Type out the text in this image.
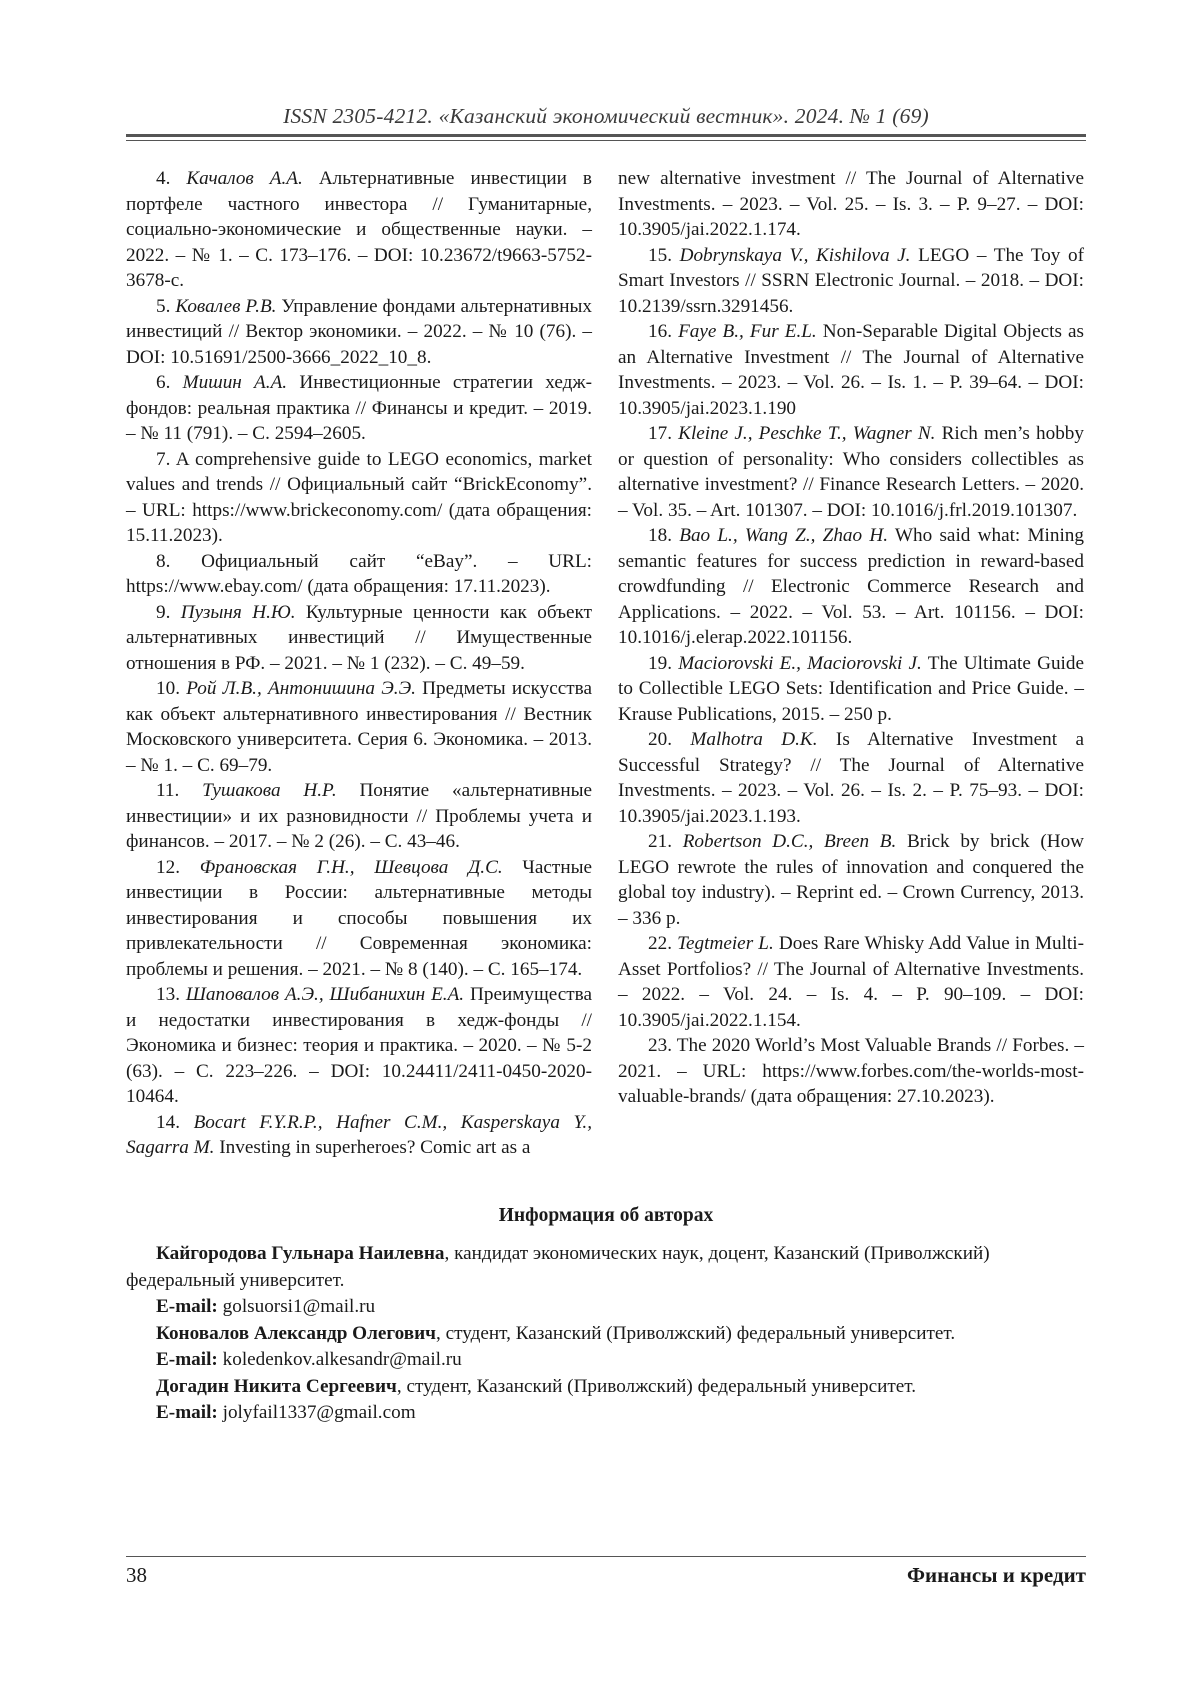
ISSN 2305-4212. «Казанский экономический вестник». 2024. № 1 (69)

4. Качалов А.А. Альтернативные инвестиции в портфеле частного инвестора // Гуманитарные, социально-экономические и общественные науки. – 2022. – № 1. – С. 173–176. – DOI: 10.23672/t9663-5752-3678-c.

5. Ковалев Р.В. Управление фондами альтернативных инвестиций // Вектор экономики. – 2022. – № 10 (76). – DOI: 10.51691/2500-3666_2022_10_8.

6. Мишин А.А. Инвестиционные стратегии хедж-фондов: реальная практика // Финансы и кредит. – 2019. – № 11 (791). – С. 2594–2605.

7. A comprehensive guide to LEGO economics, market values and trends // Официальный сайт “BrickEconomy”. – URL: https://www.brickeconomy.com/ (дата обращения: 15.11.2023).

8. Официальный сайт “eBay”. – URL: https://www.ebay.com/ (дата обращения: 17.11.2023).

9. Пузыня Н.Ю. Культурные ценности как объект альтернативных инвестиций // Имущественные отношения в РФ. – 2021. – № 1 (232). – С. 49–59.

10. Рой Л.В., Антонишина Э.Э. Предметы искусства как объект альтернативного инвестирования // Вестник Московского университета. Серия 6. Экономика. – 2013. – № 1. – С. 69–79.

11. Тушакова Н.Р. Понятие «альтернативные инвестиции» и их разновидности // Проблемы учета и финансов. – 2017. – № 2 (26). – С. 43–46.

12. Франовская Г.Н., Шевцова Д.С. Частные инвестиции в России: альтернативные методы инвестирования и способы повышения их привлекательности // Современная экономика: проблемы и решения. – 2021. – № 8 (140). – С. 165–174.

13. Шаповалов А.Э., Шибанихин Е.А. Преимущества и недостатки инвестирования в хедж-фонды // Экономика и бизнес: теория и практика. – 2020. – № 5-2 (63). – С. 223–226. – DOI: 10.24411/2411-0450-2020-10464.

14. Bocart F.Y.R.P., Hafner C.M., Kasperskaya Y., Sagarra M. Investing in superheroes? Comic art as a

new alternative investment // The Journal of Alternative Investments. – 2023. – Vol. 25. – Is. 3. – P. 9–27. – DOI: 10.3905/jai.2022.1.174.

15. Dobrynskaya V., Kishilova J. LEGO – The Toy of Smart Investors // SSRN Electronic Journal. – 2018. – DOI: 10.2139/ssrn.3291456.

16. Faye B., Fur E.L. Non-Separable Digital Objects as an Alternative Investment // The Journal of Alternative Investments. – 2023. – Vol. 26. – Is. 1. – P. 39–64. – DOI: 10.3905/jai.2023.1.190

17. Kleine J., Peschke T., Wagner N. Rich men’s hobby or question of personality: Who considers collectibles as alternative investment? // Finance Research Letters. – 2020. – Vol. 35. – Art. 101307. – DOI: 10.1016/j.frl.2019.101307.

18. Bao L., Wang Z., Zhao H. Who said what: Mining semantic features for success prediction in reward-based crowdfunding // Electronic Commerce Research and Applications. – 2022. – Vol. 53. – Art. 101156. – DOI: 10.1016/j.elerap.2022.101156.

19. Maciorovski E., Maciorovski J. The Ultimate Guide to Collectible LEGO Sets: Identification and Price Guide. – Krause Publications, 2015. – 250 p.

20. Malhotra D.K. Is Alternative Investment a Successful Strategy? // The Journal of Alternative Investments. – 2023. – Vol. 26. – Is. 2. – P. 75–93. – DOI: 10.3905/jai.2023.1.193.

21. Robertson D.C., Breen B. Brick by brick (How LEGO rewrote the rules of innovation and conquered the global toy industry). – Reprint ed. – Crown Currency, 2013. – 336 p.

22. Tegtmeier L. Does Rare Whisky Add Value in Multi-Asset Portfolios? // The Journal of Alternative Investments. – 2022. – Vol. 24. – Is. 4. – P. 90–109. – DOI: 10.3905/jai.2022.1.154.

23. The 2020 World’s Most Valuable Brands // Forbes. – 2021. – URL: https://www.forbes.com/the-worlds-most-valuable-brands/ (дата обращения: 27.10.2023).

Информация об авторах

Кайгородова Гульнара Наилевна, кандидат экономических наук, доцент, Казанский (Приволжский) федеральный университет.

E-mail: golsuorsi1@mail.ru

Коновалов Александр Олегович, студент, Казанский (Приволжский) федеральный университет.

E-mail: koledenkov.alkesandr@mail.ru

Догадин Никита Сергеевич, студент, Казанский (Приволжский) федеральный университет.

E-mail: jolyfail1337@gmail.com

38	Финансы и кредит
